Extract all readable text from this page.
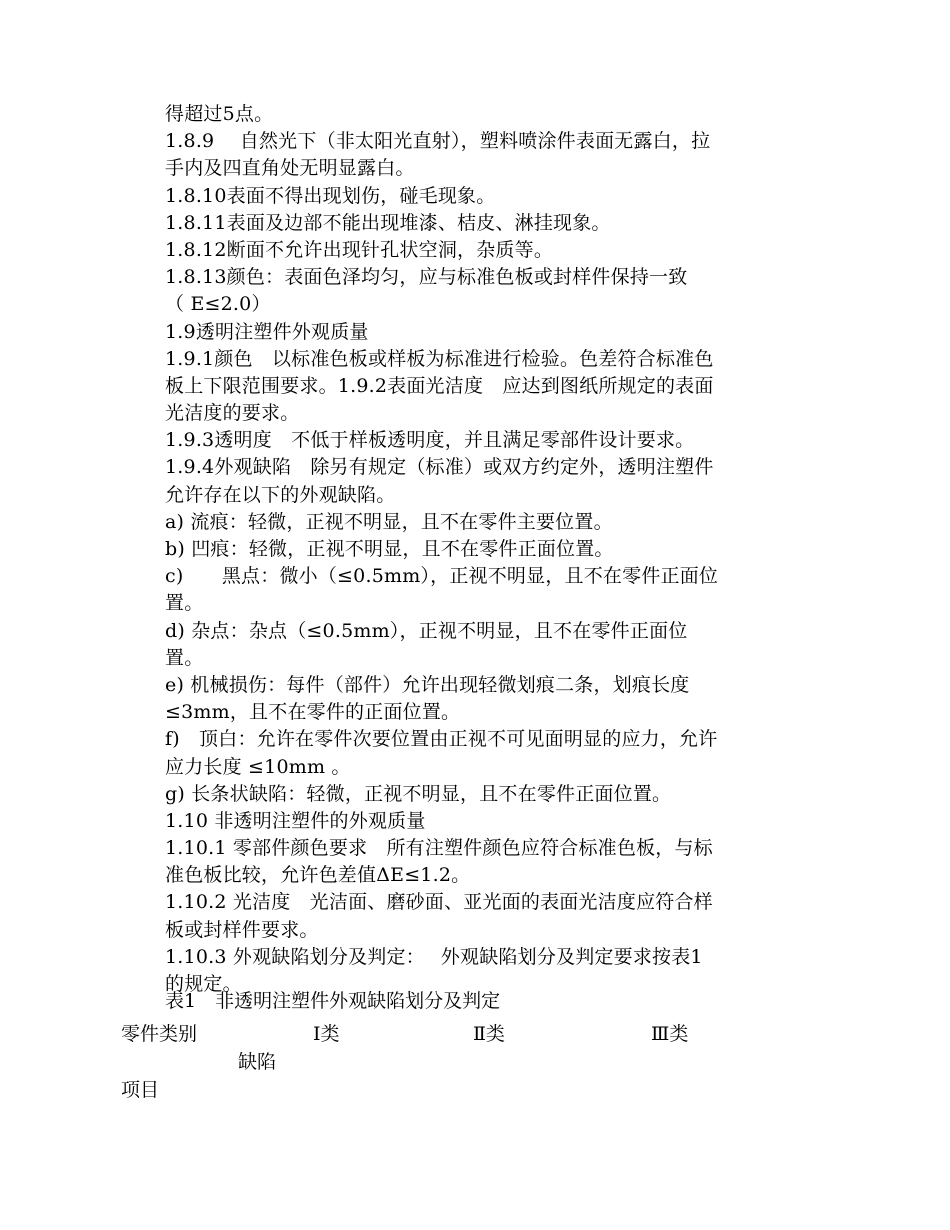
得超过5点。
1.8.9　 自然光下（非太阳光直射），塑料喷涂件表面无露白，拉
手内及四直角处无明显露白。
1.8.10表面不得出现划伤，碰毛现象。
1.8.11表面及边部不能出现堆漆、桔皮、淋挂现象。
1.8.12断面不允许出现针孔状空洞，杂质等。
1.8.13颜色：表面色泽均匀，应与标准色板或封样件保持一致
（ E≤2.0）
1.9透明注塑件外观质量
1.9.1颜色　以标准色板或样板为标准进行检验。色差符合标准色
板上下限范围要求。1.9.2表面光洁度　应达到图纸所规定的表面
光洁度的要求。
1.9.3透明度　不低于样板透明度，并且满足零部件设计要求。
1.9.4外观缺陷　除另有规定（标准）或双方约定外，透明注塑件
允许存在以下的外观缺陷。
a) 流痕：轻微，正视不明显，且不在零件主要位置。
b) 凹痕：轻微，正视不明显，且不在零件正面位置。
c)　　黑点：微小（≤0.5mm），正视不明显，且不在零件正面位
置。
d) 杂点：杂点（≤0.5mm），正视不明显，且不在零件正面位
置。
e) 机械损伤：每件（部件）允许出现轻微划痕二条，划痕长度
≤3mm，且不在零件的正面位置。
f)　顶白：允许在零件次要位置由正视不可见面明显的应力，允许
应力长度 ≤10mm 。
g) 长条状缺陷：轻微，正视不明显，且不在零件正面位置。
1.10 非透明注塑件的外观质量
1.10.1 零部件颜色要求　所有注塑件颜色应符合标准色板，与标
准色板比较，允许色差值ΔE≤1.2。
1.10.2 光洁度　光洁面、磨砂面、亚光面的表面光洁度应符合样
板或封样件要求。
1.10.3 外观缺陷划分及判定：　 外观缺陷划分及判定要求按表1
的规定。
表1　非透明注塑件外观缺陷划分及判定
零件类别	Ⅰ类	Ⅱ类	Ⅲ类
缺陷
项目
